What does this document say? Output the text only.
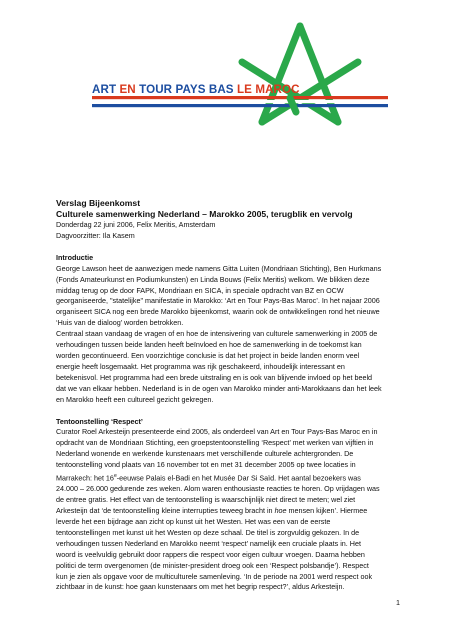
ART EN TOUR PAYS BAS LE MAROC

Verslag Bijeenkomst

Culturele samenwerking Nederland – Marokko 2005, terugblik en vervolg

Donderdag 22 juni 2006, Felix Meritis, Amsterdam

Dagvoorzitter: Ila Kasem

Introductie

George Lawson heet de aanwezigen mede namens Gitta Luiten (Mondriaan Stichting), Ben Hurkmans

(Fonds Amateurkunst en Podiumkunsten) en Linda Bouws (Felix Meritis) welkom. We blikken deze

middag terug op de door FAPK, Mondriaan en SICA, in speciale opdracht van BZ en OCW

georganiseerde, "statelijke" manifestatie in Marokko: ‘Art en Tour Pays-Bas Maroc’. In het najaar 2006

organiseert SICA nog een brede Marokko bijeenkomst, waarin ook de ontwikkelingen rond het nieuwe

‘Huis van de dialoog’ worden betrokken.

Centraal staan vandaag de vragen of en hoe de intensivering van culturele samenwerking in 2005 de

verhoudingen tussen beide landen heeft beïnvloed en hoe de samenwerking in de toekomst kan

worden gecontinueerd. Een voorzichtige conclusie is dat het project in beide landen enorm veel

energie heeft losgemaakt. Het programma was rijk geschakeerd, inhoudelijk interessant en

betekenisvol. Het programma had een brede uitstraling en is ook van blijvende invloed op het beeld

dat we van elkaar hebben. Nederland is in de ogen van Marokko minder anti-Marokkaans dan het leek

en Marokko heeft een cultureel gezicht gekregen.

Tentoonstelling ‘Respect’

Curator Roel Arkesteijn presenteerde eind 2005, als onderdeel van Art en Tour Pays-Bas Maroc en in

opdracht van de Mondriaan Stichting, een groepstentoonstelling ‘Respect’ met werken van vijftien in

Nederland wonende en werkende kunstenaars met verschillende culturele achtergronden. De

tentoonstelling vond plaats van 16 november tot en met 31 december 2005 op twee locaties in

Marrakech: het 16e-eeuwse Palais el-Badi en het Musée Dar Si Saïd. Het aantal bezoekers was

24.000 – 26.000 gedurende zes weken. Alom waren enthousiaste reacties te horen. Op vrijdagen was

de entree gratis. Het effect van de tentoonstelling is waarschijnlijk niet direct te meten; wel ziet

Arkesteijn dat ‘de tentoonstelling kleine interrupties teweeg bracht in hoe mensen kijken’. Hiermee

leverde het een bijdrage aan zicht op kunst uit het Westen. Het was een van de eerste

tentoonstellingen met kunst uit het Westen op deze schaal. De titel is zorgvuldig gekozen. In de

verhoudingen tussen Nederland en Marokko neemt ‘respect’ namelijk een cruciale plaats in. Het

woord is veelvuldig gebruikt door rappers die respect voor eigen cultuur vroegen. Daarna hebben

politici de term overgenomen (de minister-president droeg ook een ‘Respect polsbandje’). Respect

kun je zien als opgave voor de multiculturele samenleving. ‘In de periode na 2001 werd respect ook

zichtbaar in de kunst: hoe gaan kunstenaars om met het begrip respect?’, aldus Arkesteijn.

1
